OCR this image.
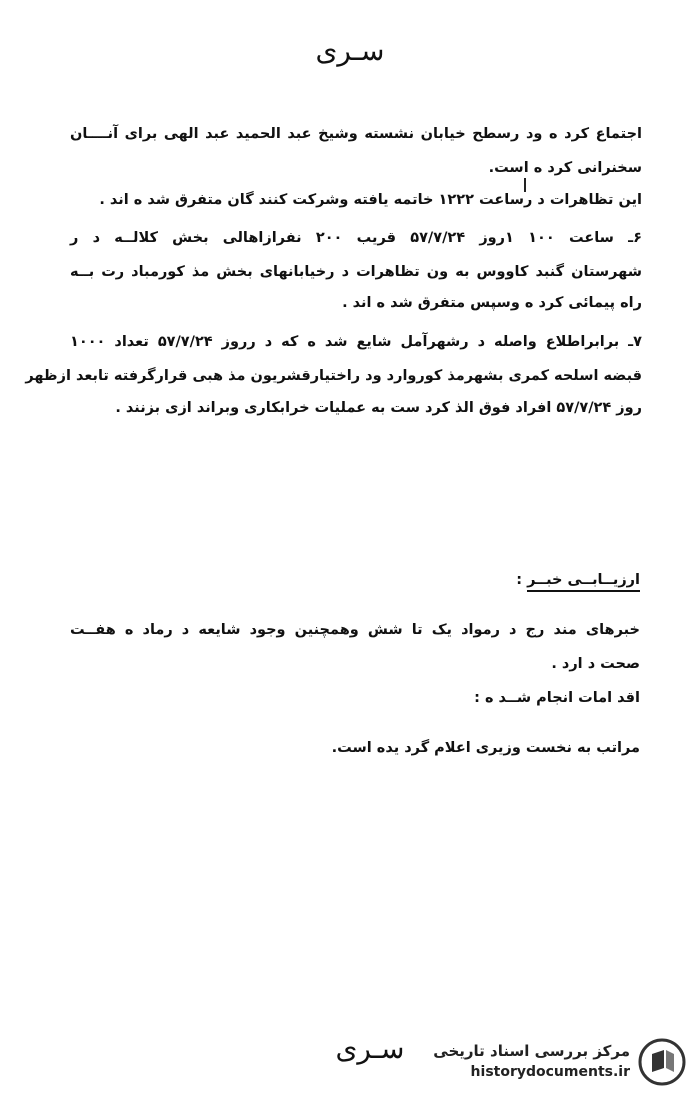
سـری
اجتماع کرد ه ود رسطح خیابان نشسته وشیخ عبد الحمید عبد الهی برای آنــــان
سخنرانی کرد ه است.
این تظاهرات د رساعت ۱۲۲۲ خاتمه یافته وشرکت کنند گان متفرق شد ه اند .
۶ـ ساعت ۱۰۰ ۱روز ۵۷/۷/۲۴ قریب ۲۰۰ نفرازاهالی بخش کلالــه د ر
شهرستان گنبد کاووس به ون تظاهرات د رخیابانهای بخش مذ کورمباد رت بــه
راه پیمائی کرد ه وسپس متفرق شد ه اند .
۷ـ برابراطلاع واصله د رشهرآمل شایع شد ه که د رروز ۵۷/۷/۲۴ تعداد ۱۰۰۰
قبضه اسلحه کمری بشهرمذ کوروارد ود راختیارقشریون مذ هبی قرارگرفته تابعد ازظهر
روز ۵۷/۷/۲۴ افراد فوق الذ کرد ست به عملیات خرابکاری وبراند ازی بزنند .
ارزیــابــی خبــر :
خبرهای مند رج د رمواد یک تا شش وهمچنین وجود شایعه د رماد ه هفــت
صحت د ارد .
اقد امات انجام شــد ه :
مراتب به نخست وزیری اعلام گرد یده است.
سـری	مرکز بررسی اسناد تاریخی
historydocuments.ir
